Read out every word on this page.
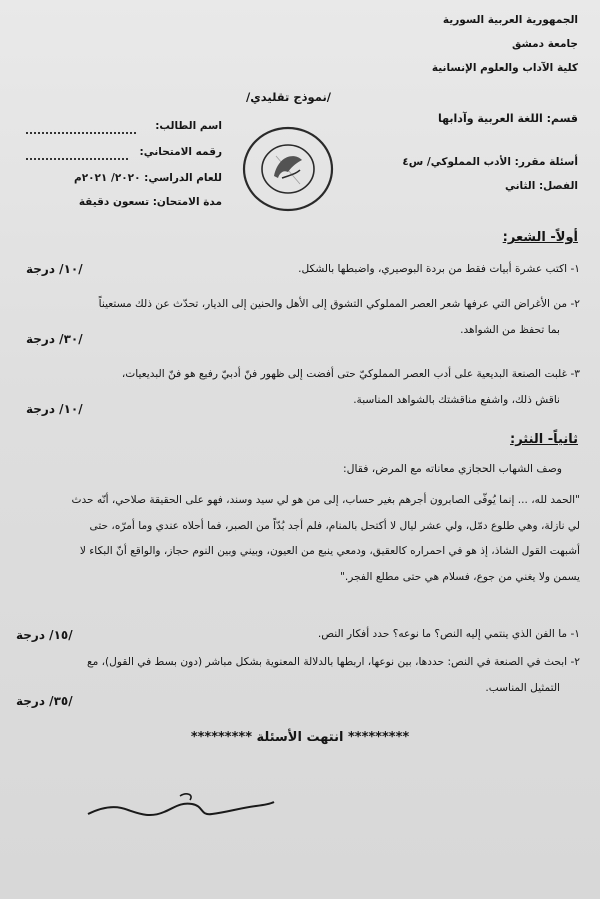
الجمهورية العربية السورية
جامعة دمشق
كلية الآداب والعلوم الإنسانية
قسم: اللغة العربية وآدابها
أسئلة مقرر: الأدب المملوكي/ س٤
الفصل: الثاني
/نموذج تقليدي/
اسم الطالب:
رقمه الامتحاني:
للعام الدراسي: ٢٠٢٠/ ٢٠٢١م
مدة الامتحان: تسعون دقيقة
أولاً- الشعر:
١- اكتب عشرة أبيات فقط من بردة البوصيري، واضبطها بالشكل.
/١٠/ درجة
٢- من الأغراض التي عرفها شعر العصر المملوكي التشوق إلى الأهل والحنين إلى الديار، تحدّث عن ذلك مستعيناً
بما تحفظ من الشواهد.
/٣٠/ درجة
٣- غلبت الصنعة البديعية على أدب العصر المملوكيّ حتى أفضت إلى ظهور فنّ أدبيّ رفيع هو فنّ البديعيات،
ناقش ذلك، واشفع مناقشتك بالشواهد المناسبة.
/١٠/ درجة
ثانياً- النثر:
وصف الشهاب الحجازي معاناته مع المرض، فقال:
"الحمد لله، ... إنما يُوفّى الصابرون أجرهم بغير حساب، إلى من هو لي سيد وسند، فهو على الحقيقة صلاحي، أنّه حدث
لي نازلة، وهي طلوع دمّل، ولي عشر ليال لا أكتحل بالمنام، فلم أجد بُدّاً من الصبر، فما أحلاه عندي وما أمرّه، حتى
أشبهت القول الشاذ، إذ هو في احمراره كالعقيق، ودمعي ينبع من العيون، وبيني وبين النوم حجاز، والواقع أنّ البكاء لا
يسمن ولا يغني من جوع، فسلام هي حتى مطلع الفجر."
١- ما الفن الذي ينتمي إليه النص؟ ما نوعه؟ حدد أفكار النص.
/١٥/ درجة
٢- ابحث في الصنعة في النص: حددها، بين نوعها، اربطها بالدلالة المعنوية بشكل مباشر (دون بسط في القول)، مع
التمثيل المناسب.
/٣٥/ درجة
********* انتهت الأسئلة *********
